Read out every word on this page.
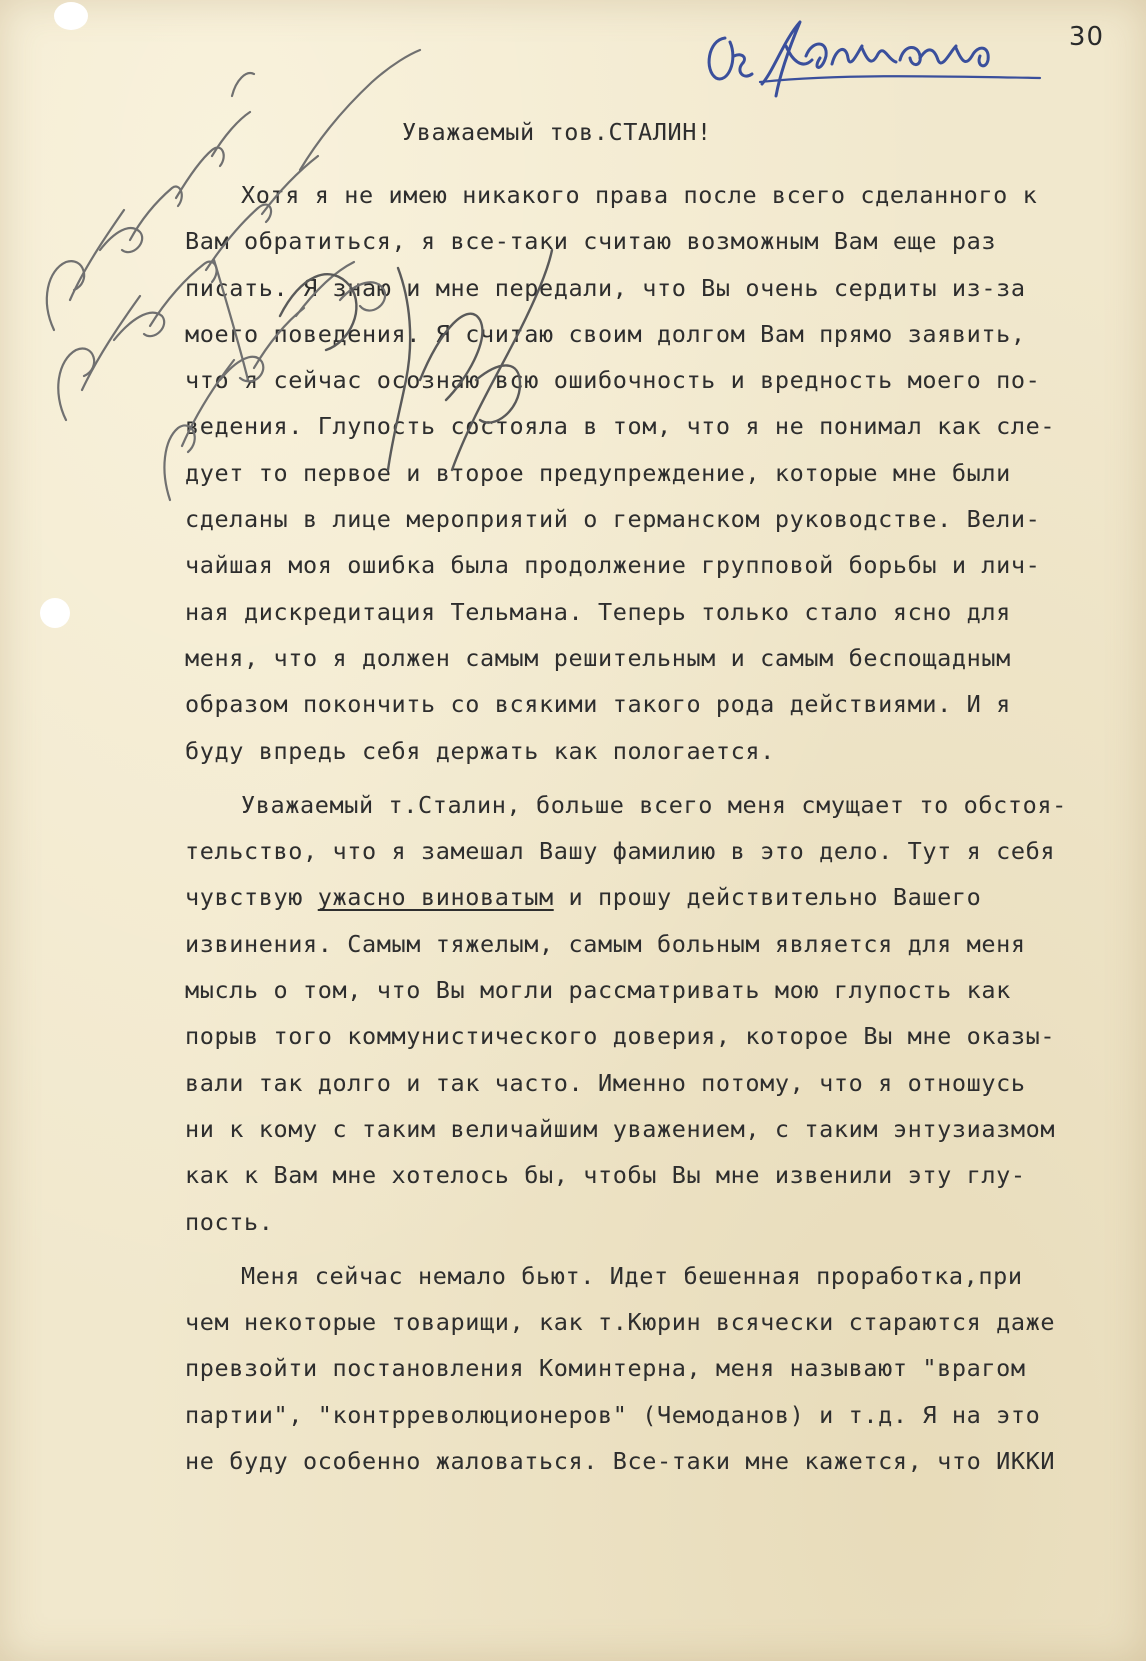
30
Уважаемый тов.СТАЛИН!
Хотя я не имею никакого права после всего сделанного к
Вам обратиться, я все-таки считаю возможным Вам еще раз
писать. Я знаю и мне передали, что Вы очень сердиты из-за
моего поведения. Я считаю своим долгом Вам прямо заявить,
что я сейчас осознаю всю ошибочность и вредность моего по-
ведения. Глупость состояла в том, что я не понимал как сле-
дует то первое и второе предупреждение, которые мне были
сделаны в лице мероприятий о германском руководстве. Вели-
чайшая моя ошибка была продолжение групповой борьбы и лич-
ная дискредитация Тельмана. Теперь только стало ясно для
меня, что я должен самым решительным и самым беспощадным
образом покончить со всякими такого рода действиями. И я
буду впредь себя держать как пологается.
Уважаемый т.Сталин, больше всего меня смущает то обстоя-
тельство, что я замешал Вашу фамилию в это дело. Тут я себя
чувствую ужасно виноватым и прошу действительно Вашего
извинения. Самым тяжелым, самым больным является для меня
мысль о том, что Вы могли рассматривать мою глупость как
порыв того коммунистического доверия, которое Вы мне оказы-
вали так долго и так часто. Именно потому, что я отношусь
ни к кому с таким величайшим уважением, с таким энтузиазмом
как к Вам мне хотелось бы, чтобы Вы мне извенили эту глу-
пость.
Меня сейчас немало бьют. Идет бешенная проработка,при
чем некоторые товарищи, как т.Кюрин всячески стараются даже
превзойти постановления Коминтерна, меня называют "врагом
партии", "контрреволюционеров" (Чемоданов) и т.д. Я на это
не буду особенно жаловаться. Все-таки мне кажется, что ИККИ
